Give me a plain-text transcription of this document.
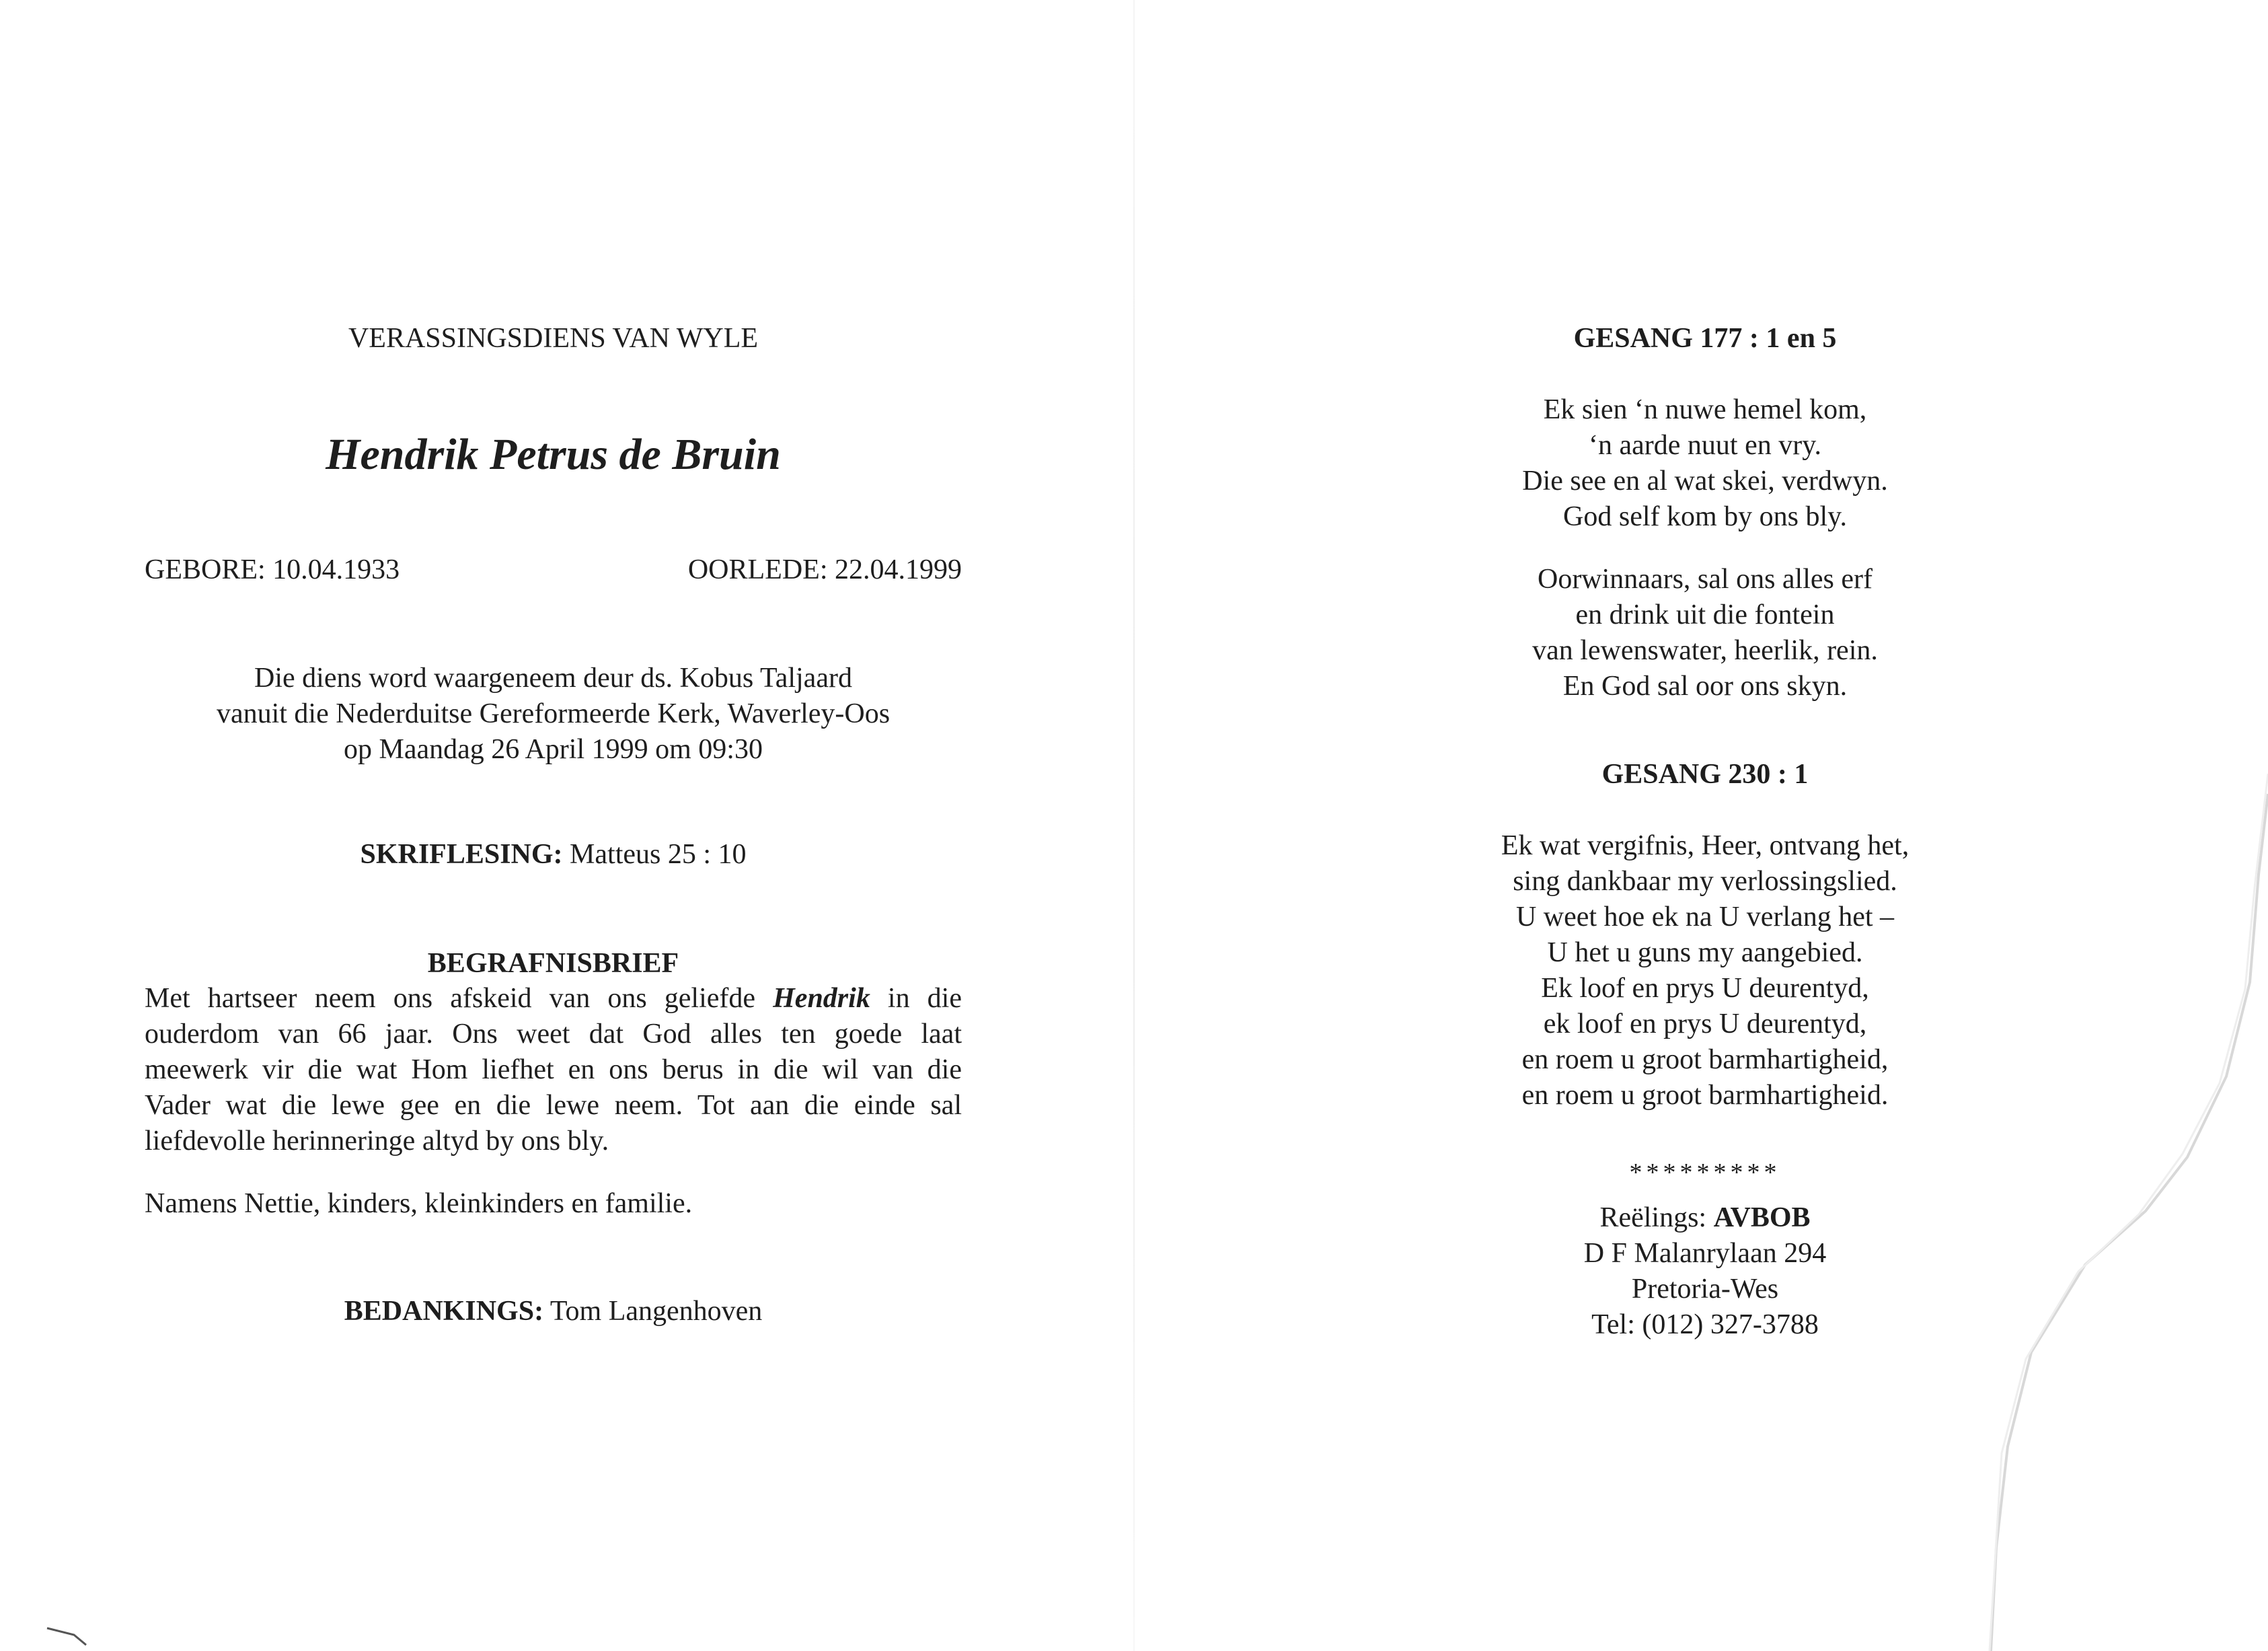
VERASSINGSDIENS VAN WYLE
Hendrik Petrus de Bruin
GEBORE: 10.04.1933	OORLEDE: 22.04.1999
Die diens word waargeneem deur ds. Kobus Taljaard
vanuit die Nederduitse Gereformeerde Kerk, Waverley-Oos
op Maandag 26 April 1999 om 09:30
SKRIFLESING: Matteus 25 : 10
BEGRAFNISBRIEF
Met hartseer neem ons afskeid van ons geliefde Hendrik in die
ouderdom van 66 jaar. Ons weet dat God alles ten goede laat
meewerk vir die wat Hom liefhet en ons berus in die wil van die
Vader wat die lewe gee en die lewe neem. Tot aan die einde sal
liefdevolle herinneringe altyd by ons bly.
Namens Nettie, kinders, kleinkinders en familie.
BEDANKINGS: Tom Langenhoven
GESANG 177 : 1 en 5
Ek sien ‘n nuwe hemel kom,
‘n aarde nuut en vry.
Die see en al wat skei, verdwyn.
God self kom by ons bly.
Oorwinnaars, sal ons alles erf
en drink uit die fontein
van lewenswater, heerlik, rein.
En God sal oor ons skyn.
GESANG 230 : 1
Ek wat vergifnis, Heer, ontvang het,
sing dankbaar my verlossingslied.
U weet hoe ek na U verlang het –
U het u guns my aangebied.
Ek loof en prys U deurentyd,
ek loof en prys U deurentyd,
en roem u groot barmhartigheid,
en roem u groot barmhartigheid.
*********
Reëlings: AVBOB
D F Malanrylaan 294
Pretoria-Wes
Tel: (012) 327-3788
